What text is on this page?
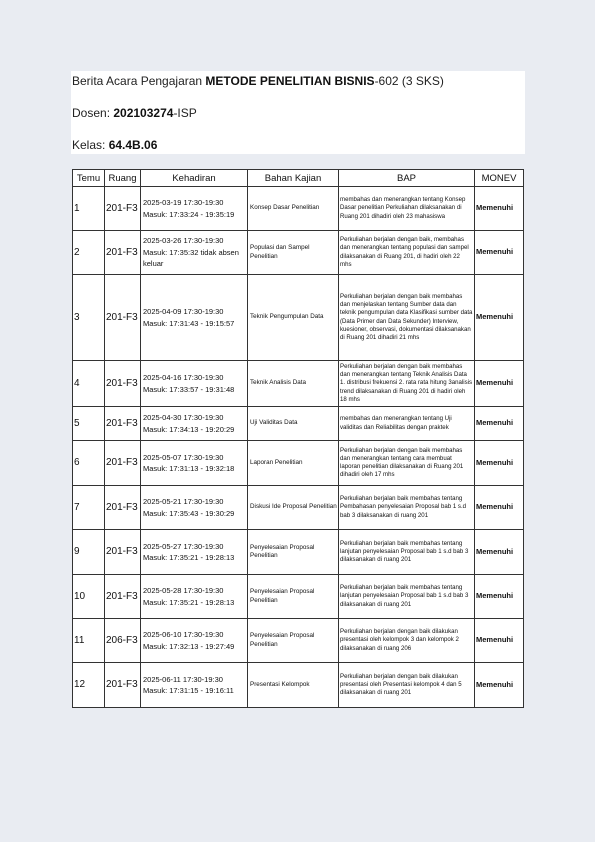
Berita Acara Pengajaran METODE PENELITIAN BISNIS-602 (3 SKS)
Dosen: 202103274-ISP
Kelas: 64.4B.06
Temu	Ruang	Kehadiran	Bahan Kajian	BAP	MONEV
1	201-F3	2025-03-19 17:30-19:30
Masuk: 17:33:24 - 19:35:19	Konsep Dasar Penelitian	membahas dan menerangkan tentang Konsep Dasar penelitian Perkuliahan dilaksanakan di Ruang 201 dihadiri oleh 23 mahasiswa	Memenuhi
2	201-F3	2025-03-26 17:30-19:30
Masuk: 17:35:32 tidak absen keluar	Populasi dan Sampel Penelitian	Perkuliahan berjalan dengan baik, membahas dan menerangkan tentang populasi dan sampel dilaksanakan di Ruang 201, di hadiri oleh 22 mhs	Memenuhi
3	201-F3	2025-04-09 17:30-19:30
Masuk: 17:31:43 - 19:15:57	Teknik Pengumpulan Data	Perkuliahan berjalan dengan baik membahas dan menjelaskan tentang Sumber data dan teknik pengumpulan data Klasifikasi sumber data (Data Primer dan Data Sekunder) Interview, kuesioner, observasi, dokumentasi dilaksanakan di Ruang 201 dihadiri 21 mhs	Memenuhi
4	201-F3	2025-04-16 17:30-19:30
Masuk: 17:33:57 - 19:31:48	Teknik Analisis Data	Perkuliahan berjalan dengan baik membahas dan menerangkan tentang Teknik Analisis Data 1. distribusi frekuensi 2. rata rata hitung 3analisis trend dilaksanakan di Ruang 201 di hadiri oleh 18 mhs	Memenuhi
5	201-F3	2025-04-30 17:30-19:30
Masuk: 17:34:13 - 19:20:29	Uji Validitas Data	membahas dan menerangkan tentang Uji validitas dan Reliabilitas dengan praktek	Memenuhi
6	201-F3	2025-05-07 17:30-19:30
Masuk: 17:31:13 - 19:32:18	Laporan Penelitian	Perkuliahan berjalan dengan baik membahas dan menerangkan tentang cara membuat laporan penelitian dilaksanakan di Ruang 201 dihadiri oleh 17 mhs	Memenuhi
7	201-F3	2025-05-21 17:30-19:30
Masuk: 17:35:43 - 19:30:29	Diskusi Ide Proposal Penelitian	Perkuliahan berjalan baik membahas tentang Pembahasan penyelesaian Proposal bab 1 s.d bab 3 dilaksanakan di ruang 201	Memenuhi
9	201-F3	2025-05-27 17:30-19:30
Masuk: 17:35:21 - 19:28:13	Penyelesaian Proposal Penelitian	Perkuliahan berjalan baik membahas tentang lanjutan penyelesaian Proposal bab 1 s.d bab 3 dilaksanakan di ruang 201	Memenuhi
10	201-F3	2025-05-28 17:30-19:30
Masuk: 17:35:21 - 19:28:13	Penyelesaian Proposal Penelitian	Perkuliahan berjalan baik membahas tentang lanjutan penyelesaian Proposal bab 1 s.d bab 3 dilaksanakan di ruang 201	Memenuhi
11	206-F3	2025-06-10 17:30-19:30
Masuk: 17:32:13 - 19:27:49	Penyelesaian Proposal Penelitian	Perkuliahan berjalan dengan baik dilakukan presentasi oleh kelompok 3 dan kelompok 2 dilaksanakan di ruang 206	Memenuhi
12	201-F3	2025-06-11 17:30-19:30
Masuk: 17:31:15 - 19:16:11	Presentasi Kelompok	Perkuliahan berjalan dengan baik dilakukan presentasi oleh Presentasi kelompok 4 dan 5 dilaksanakan di ruang 201	Memenuhi
